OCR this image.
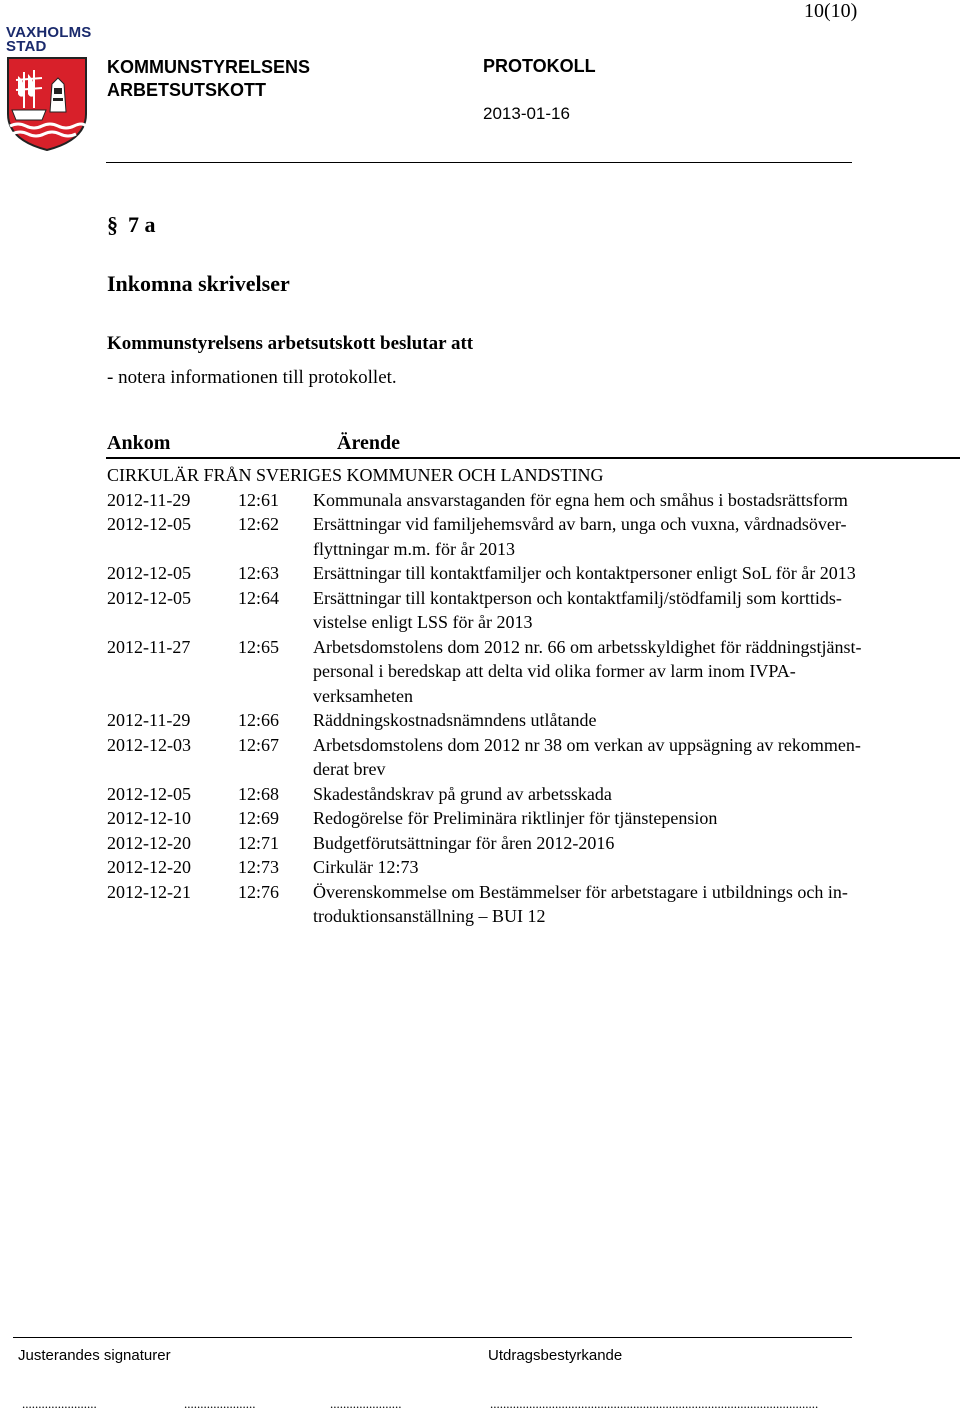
10(10)
VAXHOLMS
STAD
KOMMUNSTYRELSENS
ARBETSUTSKOTT
PROTOKOLL
2013-01-16
§ 7 a
Inkomna skrivelser
Kommunstyrelsens arbetsutskott beslutar att
- notera informationen till protokollet.
Ankom	Ärende
CIRKULÄR FRÅN SVERIGES KOMMUNER OCH LANDSTING
2012-11-29	12:61	Kommunala ansvarstaganden för egna hem och småhus i bostadsrättsform
2012-12-05	12:62	Ersättningar vid familjehemsvård av barn, unga och vuxna, vårdnadsöver-
flyttningar m.m. för år 2013
2012-12-05	12:63	Ersättningar till kontaktfamiljer och kontaktpersoner enligt SoL för år 2013
2012-12-05	12:64	Ersättningar till kontaktperson och kontaktfamilj/stödfamilj som korttids-
vistelse enligt LSS för år 2013
2012-11-27	12:65	Arbetsdomstolens dom 2012 nr. 66 om arbetsskyldighet för räddningstjänst-
personal i beredskap att delta vid olika former av larm inom IVPA-
verksamheten
2012-11-29	12:66	Räddningskostnadsnämndens utlåtande
2012-12-03	12:67	Arbetsdomstolens dom 2012 nr 38 om verkan av uppsägning av rekommen-
derat brev
2012-12-05	12:68	Skadeståndskrav på grund av arbetsskada
2012-12-10	12:69	Redogörelse för Preliminära riktlinjer för tjänstepension
2012-12-20	12:71	Budgetförutsättningar för åren 2012-2016
2012-12-20	12:73	Cirkulär 12:73
2012-12-21	12:76	Överenskommelse om Bestämmelser för arbetstagare i utbildnings och in-
troduktionsanställning – BUI 12
Justerandes signaturer	Utdragsbestyrkande
.......................	......................	......................	.....................................................................................................
